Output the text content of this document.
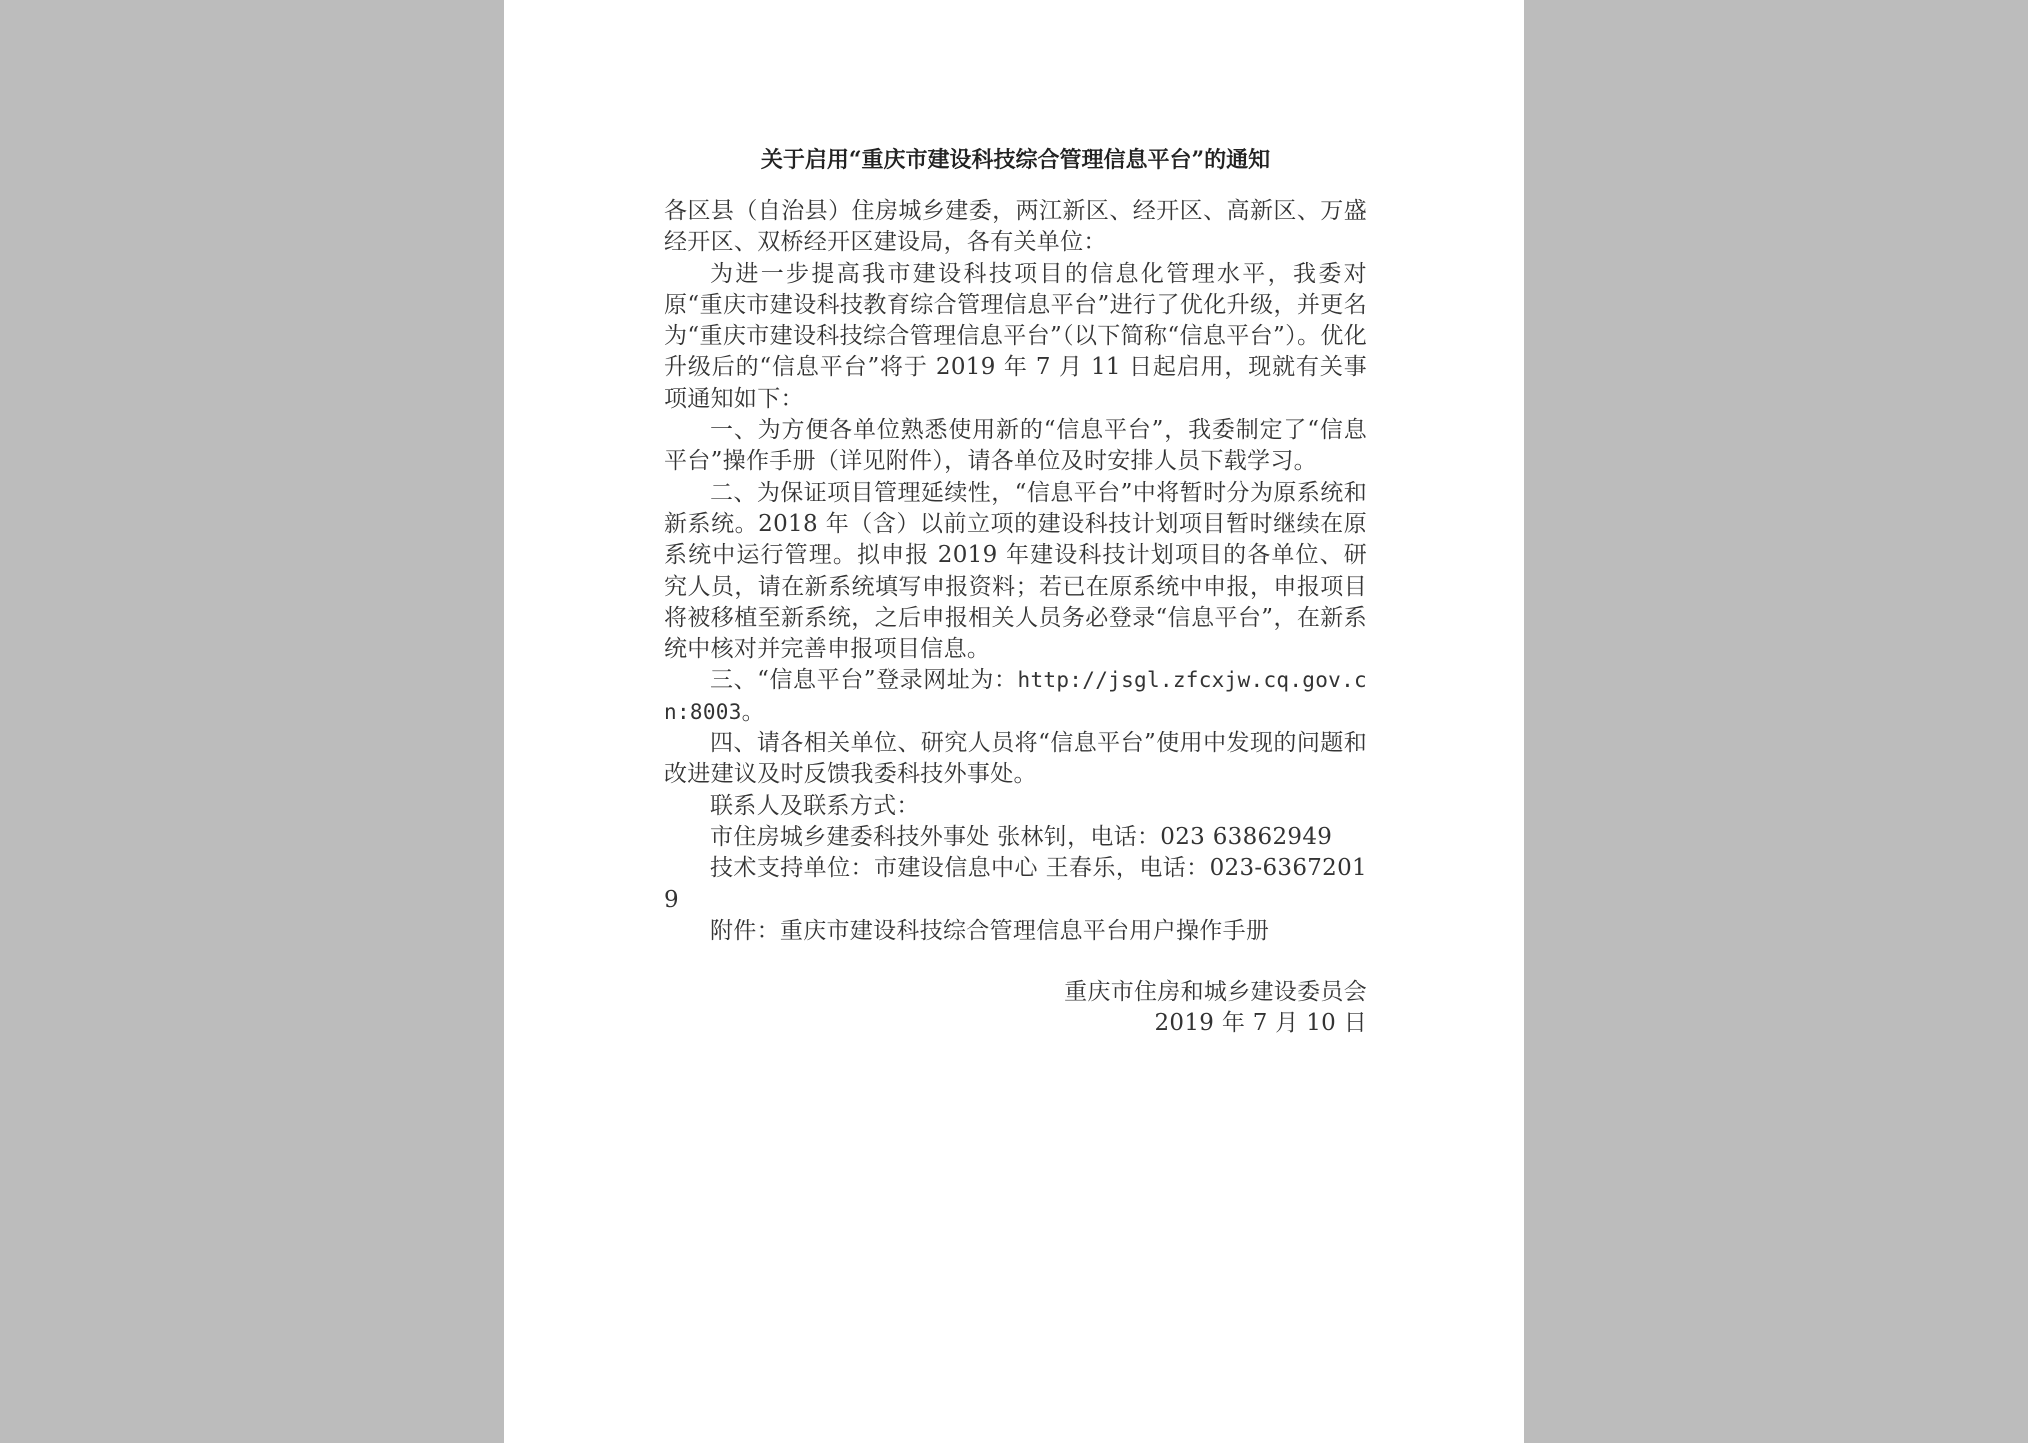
关于启用“重庆市建设科技综合管理信息平台”的通知

各区县（自治县）住房城乡建委，两江新区、经开区、高新区、万盛经开区、双桥经开区建设局，各有关单位：

为进一步提高我市建设科技项目的信息化管理水平，我委对原“重庆市建设科技教育综合管理信息平台”进行了优化升级，并更名为“重庆市建设科技综合管理信息平台”（以下简称“信息平台”）。优化升级后的“信息平台”将于 2019 年 7 月 11 日起启用，现就有关事项通知如下：

一、为方便各单位熟悉使用新的“信息平台”，我委制定了“信息平台”操作手册（详见附件），请各单位及时安排人员下载学习。

二、为保证项目管理延续性，“信息平台”中将暂时分为原系统和新系统。2018 年（含）以前立项的建设科技计划项目暂时继续在原系统中运行管理。拟申报 2019 年建设科技计划项目的各单位、研究人员，请在新系统填写申报资料；若已在原系统中申报，申报项目将被移植至新系统，之后申报相关人员务必登录“信息平台”，在新系统中核对并完善申报项目信息。

三、“信息平台”登录网址为：http://jsgl.zfcxjw.cq.gov.cn:8003。

四、请各相关单位、研究人员将“信息平台”使用中发现的问题和改进建议及时反馈我委科技外事处。

联系人及联系方式：

市住房城乡建委科技外事处 张林钊，电话：023 63862949

技术支持单位：市建设信息中心 王春乐，电话：023-63672019

附件：重庆市建设科技综合管理信息平台用户操作手册

重庆市住房和城乡建设委员会
2019 年 7 月 10 日
